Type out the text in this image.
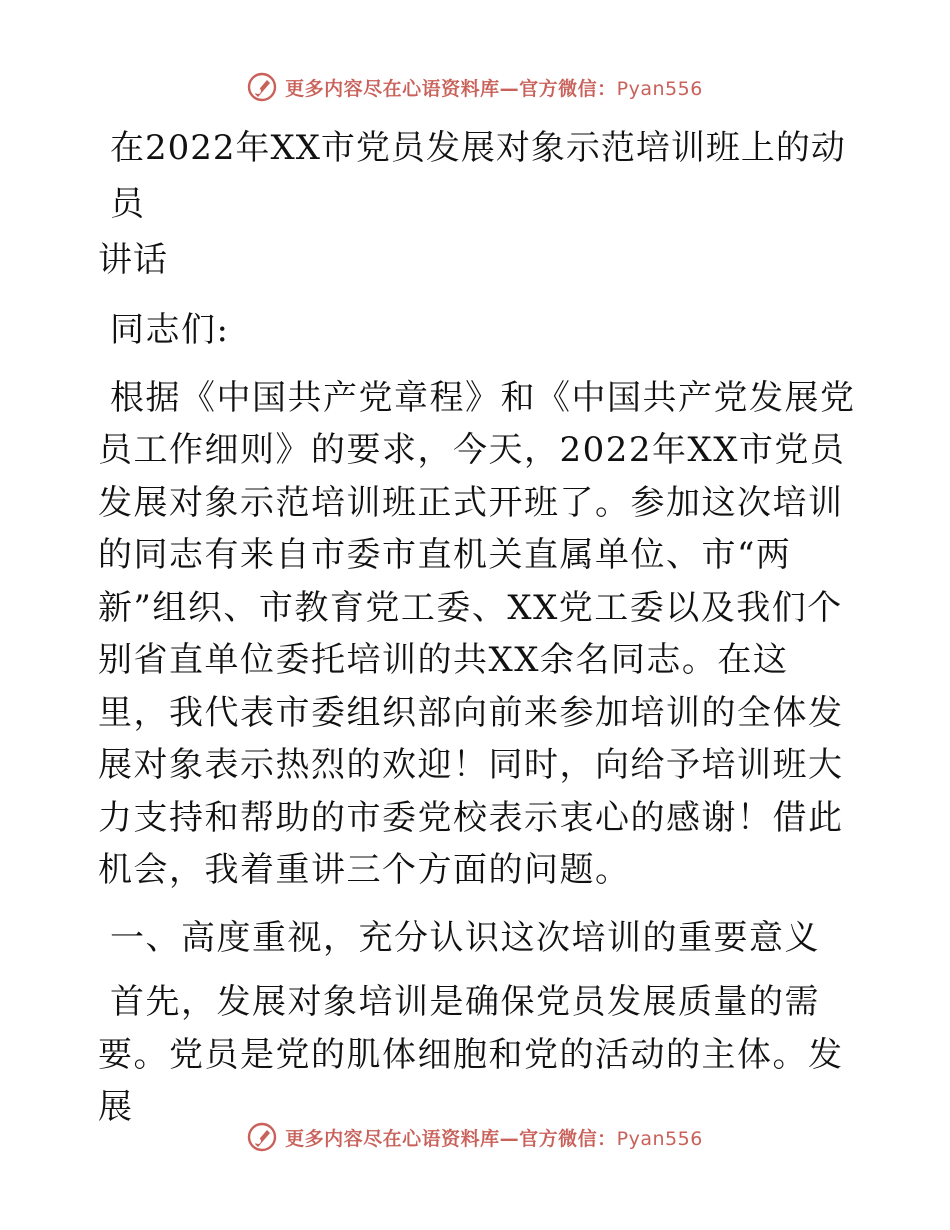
更多内容尽在心语资料库—官方微信：Pyan556
在2022年XX市党员发展对象示范培训班上的动员
讲话

同志们:

根据《中国共产党章程》和《中国共产党发展党员工作细则》的要求，今天，2022年XX市党员发展对象示范培训班正式开班了。参加这次培训的同志有来自市委市直机关直属单位、市“两新”组织、市教育党工委、XX党工委以及我们个别省直单位委托培训的共XX余名同志。在这里，我代表市委组织部向前来参加培训的全体发展对象表示热烈的欢迎！同时，向给予培训班大力支持和帮助的市委党校表示衷心的感谢！借此机会，我着重讲三个方面的问题。

一、高度重视，充分认识这次培训的重要意义

首先，发展对象培训是确保党员发展质量的需要。党员是党的肌体细胞和党的活动的主体。发展

更多内容尽在心语资料库—官方微信：Pyan556
